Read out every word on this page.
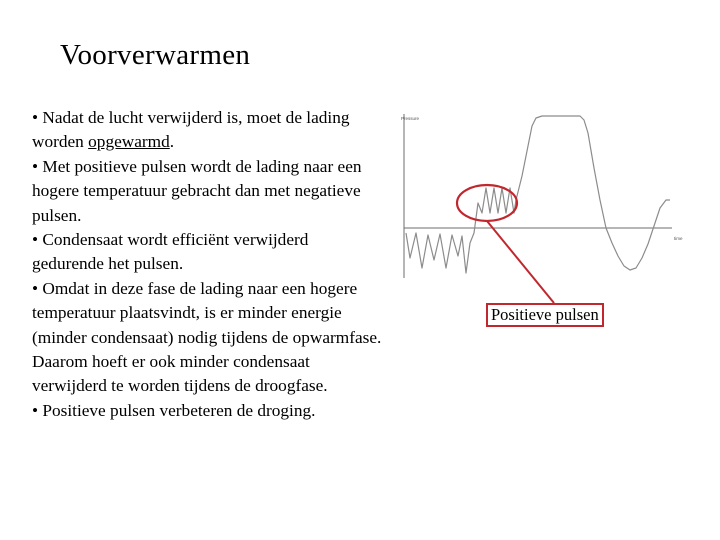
Voorverwarmen

• Nadat de lucht verwijderd is, moet de lading worden opgewarmd.

• Met positieve pulsen wordt de lading naar een hogere temperatuur gebracht dan met negatieve pulsen.

• Condensaat wordt efficiënt verwijderd gedurende het pulsen.

• Omdat in deze fase de lading naar een hogere temperatuur plaatsvindt, is er minder energie (minder condensaat) nodig tijdens de opwarmfase. Daarom hoeft er ook minder condensaat verwijderd te worden tijdens de droogfase.

• Positieve pulsen verbeteren de droging.

Pressure
time
Positieve pulsen
